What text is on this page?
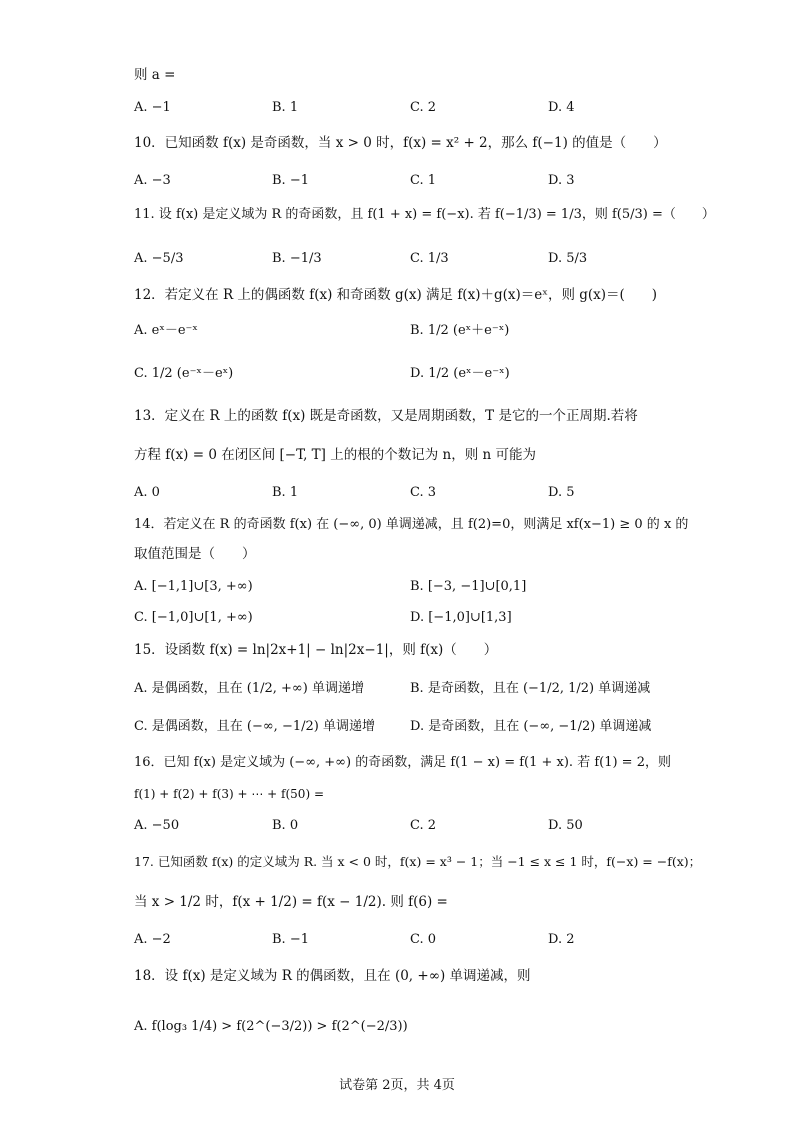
则 a =
A. −1	B. 1	C. 2	D. 4
10．已知函数 f(x) 是奇函数，当 x > 0 时，f(x) = x² + 2，那么 f(−1) 的值是（　　）
A. −3	B. −1	C. 1	D. 3
11. 设 f(x) 是定义域为 R 的奇函数，且 f(1 + x) = f(−x). 若 f(−1/3) = 1/3，则 f(5/3) =（　　）
A. −5/3	B. −1/3	C. 1/3	D. 5/3
12．若定义在 R 上的偶函数 f(x) 和奇函数 g(x) 满足 f(x)＋g(x)＝eˣ，则 g(x)＝(　　)
A. eˣ－e⁻ˣ	B. 1/2 (eˣ＋e⁻ˣ)
C. 1/2 (e⁻ˣ－eˣ)	D. 1/2 (eˣ－e⁻ˣ)
13．定义在 R 上的函数 f(x) 既是奇函数，又是周期函数，T 是它的一个正周期.若将
方程 f(x) = 0 在闭区间 [−T, T] 上的根的个数记为 n，则 n 可能为
A. 0	B. 1	C. 3	D. 5
14．若定义在 R 的奇函数 f(x) 在 (−∞, 0) 单调递减，且 f(2)=0，则满足 xf(x−1) ≥ 0 的 x 的
取值范围是（　　）
A. [−1,1]∪[3, +∞)	B. [−3, −1]∪[0,1]
C. [−1,0]∪[1, +∞)	D. [−1,0]∪[1,3]
15．设函数 f(x) = ln|2x+1| − ln|2x−1|，则 f(x)（　　）
A. 是偶函数，且在 (1/2, +∞) 单调递增	B. 是奇函数，且在 (−1/2, 1/2) 单调递减
C. 是偶函数，且在 (−∞, −1/2) 单调递增	D. 是奇函数，且在 (−∞, −1/2) 单调递减
16．已知 f(x) 是定义域为 (−∞, +∞) 的奇函数，满足 f(1 − x) = f(1 + x). 若 f(1) = 2，则
f(1) + f(2) + f(3) + ⋯ + f(50) =
A. −50	B. 0	C. 2	D. 50
17. 已知函数 f(x) 的定义域为 R. 当 x < 0 时，f(x) = x³ − 1；当 −1 ≤ x ≤ 1 时，f(−x) = −f(x)；
当 x > 1/2 时，f(x + 1/2) = f(x − 1/2). 则 f(6) =
A. −2	B. −1	C. 0	D. 2
18．设 f(x) 是定义域为 R 的偶函数，且在 (0, +∞) 单调递减，则
A. f(log₃ 1/4) > f(2^(−3/2)) > f(2^(−2/3))
试卷第 2页，共 4页
